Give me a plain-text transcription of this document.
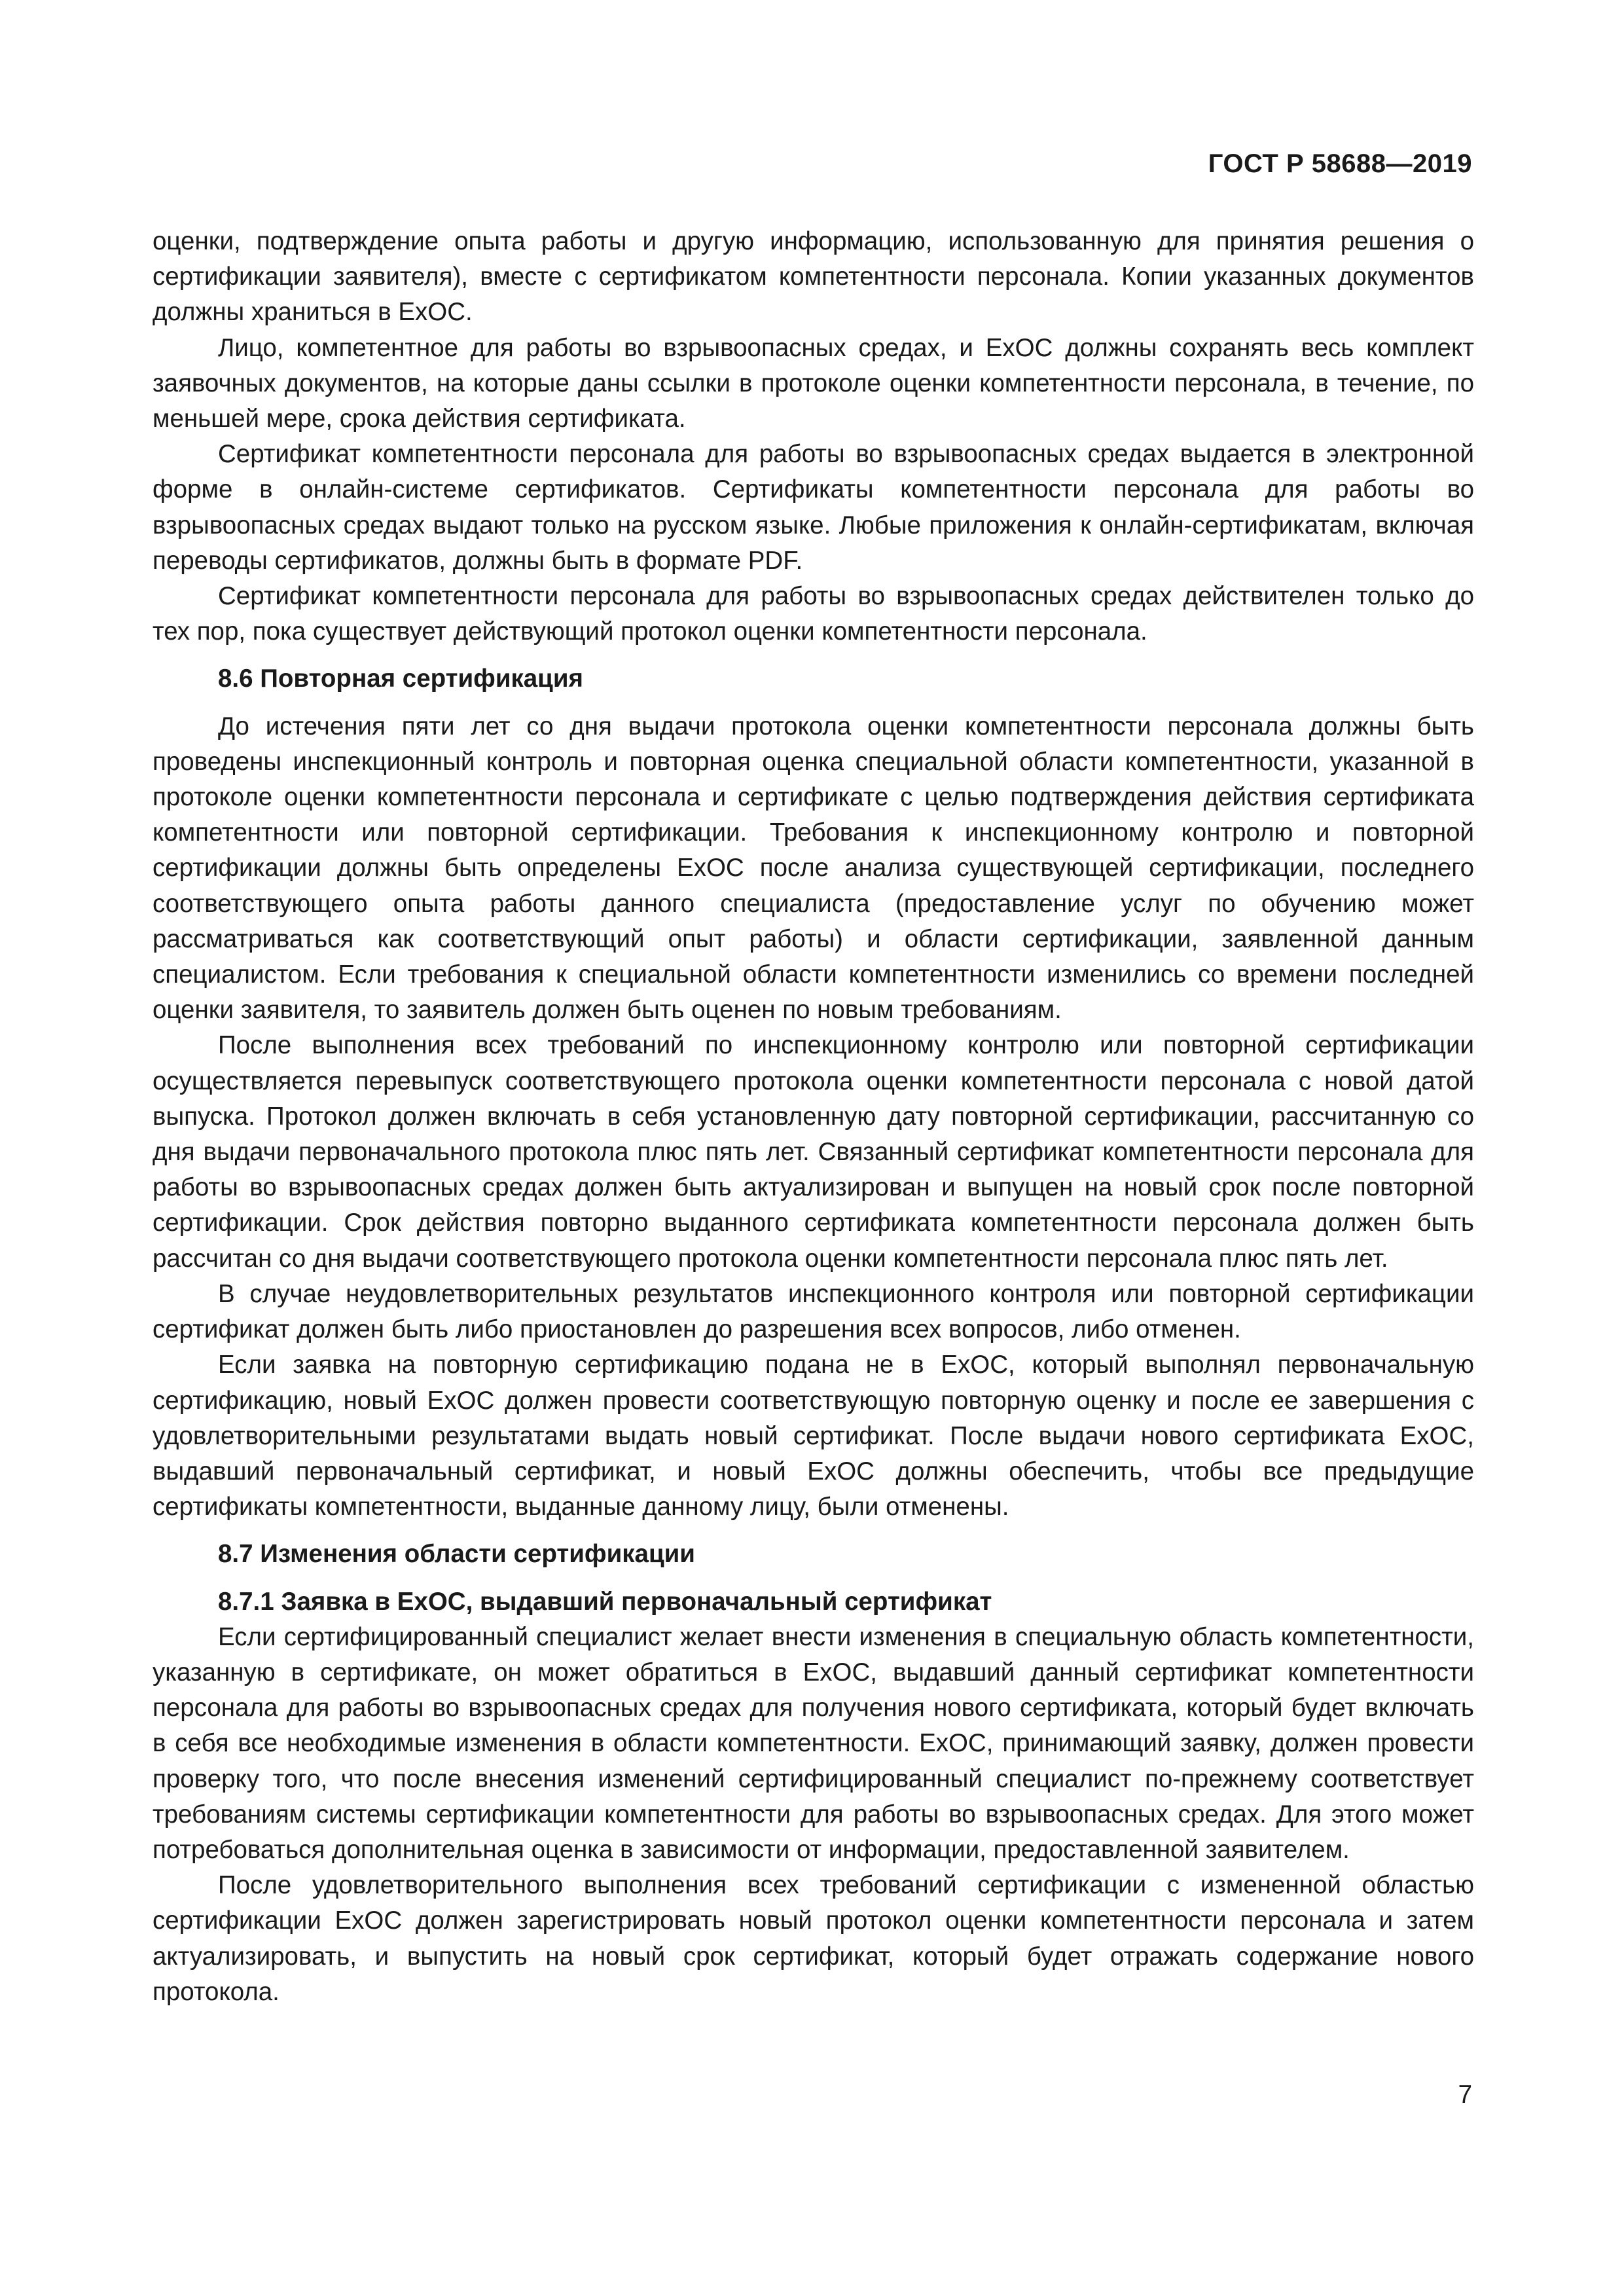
ГОСТ Р 58688—2019

оценки, подтверждение опыта работы и другую информацию, использованную для принятия решения о сертификации заявителя), вместе с сертификатом компетентности персонала. Копии указанных документов должны храниться в ExOC.

Лицо, компетентное для работы во взрывоопасных средах, и ExOC должны сохранять весь комплект заявочных документов, на которые даны ссылки в протоколе оценки компетентности персонала, в течение, по меньшей мере, срока действия сертификата.

Сертификат компетентности персонала для работы во взрывоопасных средах выдается в электронной форме в онлайн-системе сертификатов. Сертификаты компетентности персонала для работы во взрывоопасных средах выдают только на русском языке. Любые приложения к онлайн-сертификатам, включая переводы сертификатов, должны быть в формате PDF.

Сертификат компетентности персонала для работы во взрывоопасных средах действителен только до тех пор, пока существует действующий протокол оценки компетентности персонала.

8.6 Повторная сертификация

До истечения пяти лет со дня выдачи протокола оценки компетентности персонала должны быть проведены инспекционный контроль и повторная оценка специальной области компетентности, указанной в протоколе оценки компетентности персонала и сертификате с целью подтверждения действия сертификата компетентности или повторной сертификации. Требования к инспекционному контролю и повторной сертификации должны быть определены ExOC после анализа существующей сертификации, последнего соответствующего опыта работы данного специалиста (предоставление услуг по обучению может рассматриваться как соответствующий опыт работы) и области сертификации, заявленной данным специалистом. Если требования к специальной области компетентности изменились со времени последней оценки заявителя, то заявитель должен быть оценен по новым требованиям.

После выполнения всех требований по инспекционному контролю или повторной сертификации осуществляется перевыпуск соответствующего протокола оценки компетентности персонала с новой датой выпуска. Протокол должен включать в себя установленную дату повторной сертификации, рассчитанную со дня выдачи первоначального протокола плюс пять лет. Связанный сертификат компетентности персонала для работы во взрывоопасных средах должен быть актуализирован и выпущен на новый срок после повторной сертификации. Срок действия повторно выданного сертификата компетентности персонала должен быть рассчитан со дня выдачи соответствующего протокола оценки компетентности персонала плюс пять лет.

В случае неудовлетворительных результатов инспекционного контроля или повторной сертификации сертификат должен быть либо приостановлен до разрешения всех вопросов, либо отменен.

Если заявка на повторную сертификацию подана не в ExOC, который выполнял первоначальную сертификацию, новый ExOC должен провести соответствующую повторную оценку и после ее завершения с удовлетворительными результатами выдать новый сертификат. После выдачи нового сертификата ExOC, выдавший первоначальный сертификат, и новый ExOC должны обеспечить, чтобы все предыдущие сертификаты компетентности, выданные данному лицу, были отменены.

8.7 Изменения области сертификации
8.7.1 Заявка в ExOC, выдавший первоначальный сертификат

Если сертифицированный специалист желает внести изменения в специальную область компетентности, указанную в сертификате, он может обратиться в ExOC, выдавший данный сертификат компетентности персонала для работы во взрывоопасных средах для получения нового сертификата, который будет включать в себя все необходимые изменения в области компетентности. ExOC, принимающий заявку, должен провести проверку того, что после внесения изменений сертифицированный специалист по-прежнему соответствует требованиям системы сертификации компетентности для работы во взрывоопасных средах. Для этого может потребоваться дополнительная оценка в зависимости от информации, предоставленной заявителем.

После удовлетворительного выполнения всех требований сертификации с измененной областью сертификации ExOC должен зарегистрировать новый протокол оценки компетентности персонала и затем актуализировать, и выпустить на новый срок сертификат, который будет отражать содержание нового протокола.

7
